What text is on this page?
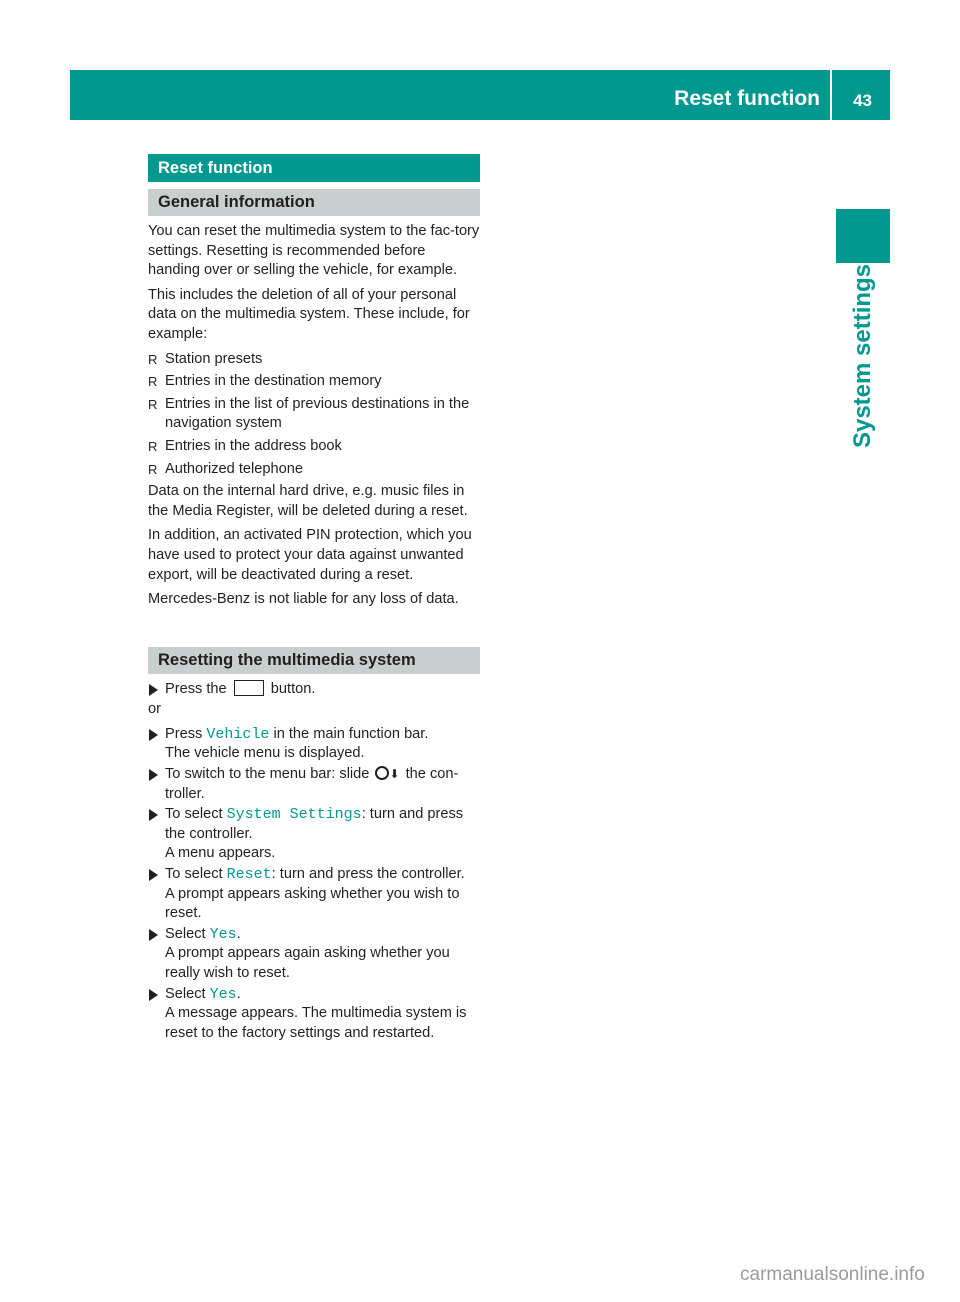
Reset function 43
System settings
Reset function
General information

You can reset the multimedia system to the fac-tory settings. Resetting is recommended before handing over or selling the vehicle, for example.

This includes the deletion of all of your personal data on the multimedia system. These include, for example:

R Station presets
R Entries in the destination memory
R Entries in the list of previous destinations in the navigation system
R Entries in the address book
R Authorized telephone

Data on the internal hard drive, e.g. music files in the Media Register, will be deleted during a reset.

In addition, an activated PIN protection, which you have used to protect your data against unwanted export, will be deactivated during a reset.

Mercedes-Benz is not liable for any loss of data.

Resetting the multimedia system
Press the	button.

or

Press Vehicle in the main function bar.
The vehicle menu is displayed.
To switch to the menu bar: slide ⬇ the con-troller.
To select System Settings: turn and press the controller.
A menu appears.
To select Reset: turn and press the controller.
A prompt appears asking whether you wish to reset.
Select Yes.
A prompt appears again asking whether you really wish to reset.
Select Yes.
A message appears. The multimedia system is reset to the factory settings and restarted.
carmanualsonline.info
